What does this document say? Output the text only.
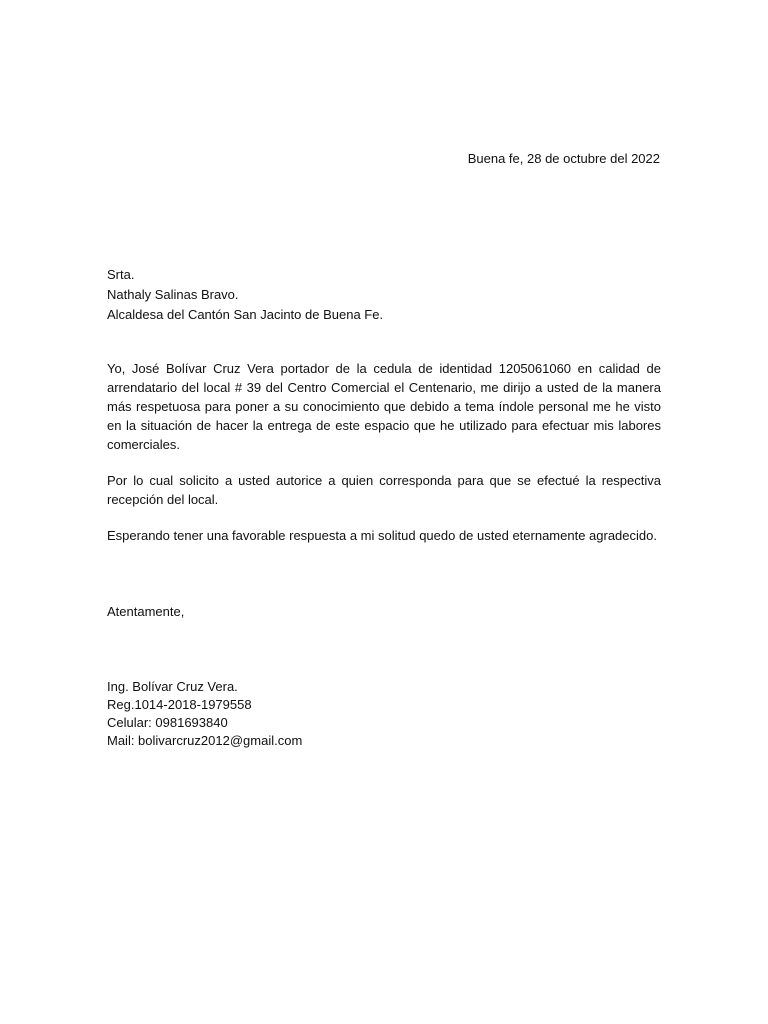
Buena fe, 28 de octubre del 2022
Srta.
Nathaly Salinas Bravo.
Alcaldesa del Cantón San Jacinto de Buena Fe.

Yo, José Bolívar Cruz Vera portador de la cedula de identidad 1205061060 en calidad de arrendatario del local # 39 del Centro Comercial el Centenario, me dirijo a usted de la manera más respetuosa para poner a su conocimiento que debido a tema índole personal me he visto en la situación de hacer la entrega de este espacio que he utilizado para efectuar mis labores comerciales.

Por lo cual solicito a usted autorice a quien corresponda para que se efectué la respectiva recepción del local.

Esperando tener una favorable respuesta a mi solitud quedo de usted eternamente agradecido.

Atentamente,
Ing. Bolívar Cruz Vera.
Reg.1014-2018-1979558
Celular: 0981693840
Mail: bolivarcruz2012@gmail.com
